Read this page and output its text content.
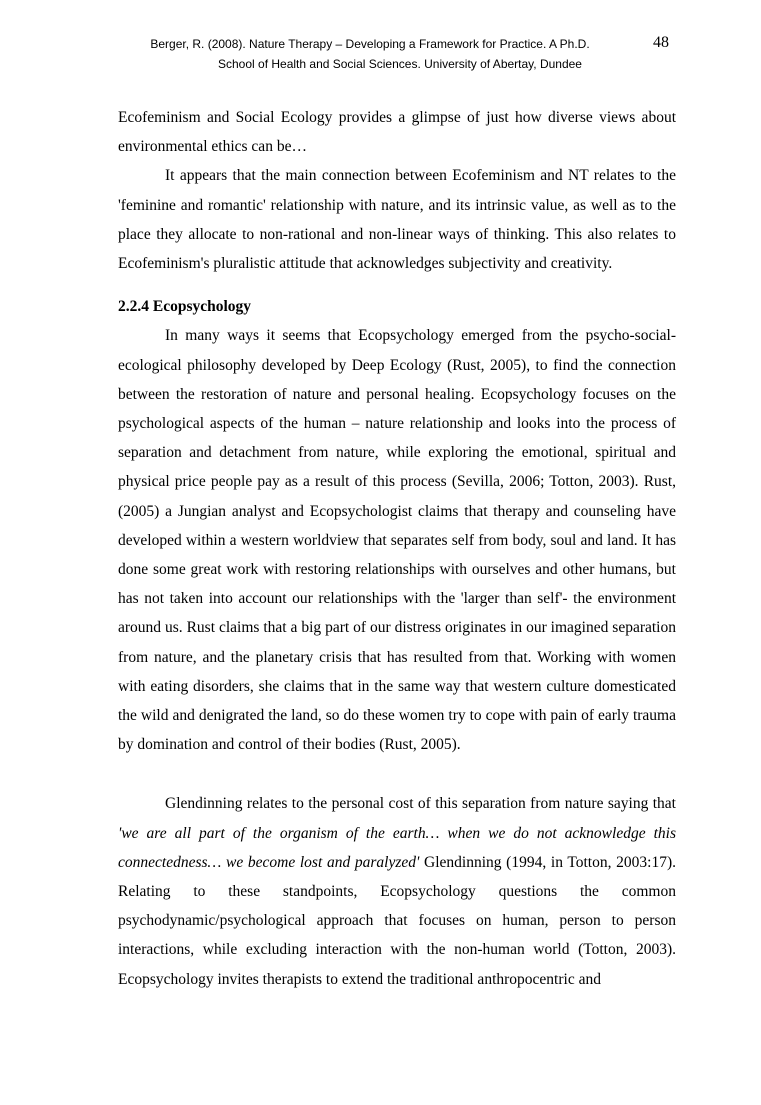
Berger, R. (2008). Nature Therapy – Developing a Framework for Practice. A Ph.D.
School of Health and Social Sciences. University of Abertay, Dundee
48

Ecofeminism and Social Ecology provides a glimpse of just how diverse views about environmental ethics can be…

It appears that the main connection between Ecofeminism and NT relates to the 'feminine and romantic' relationship with nature, and its intrinsic value, as well as to the place they allocate to non-rational and non-linear ways of thinking. This also relates to Ecofeminism's pluralistic attitude that acknowledges subjectivity and creativity.

2.2.4 Ecopsychology

In many ways it seems that Ecopsychology emerged from the psycho-social-ecological philosophy developed by Deep Ecology (Rust, 2005), to find the connection between the restoration of nature and personal healing. Ecopsychology focuses on the psychological aspects of the human – nature relationship and looks into the process of separation and detachment from nature, while exploring the emotional, spiritual and physical price people pay as a result of this process (Sevilla, 2006; Totton, 2003). Rust, (2005) a Jungian analyst and Ecopsychologist claims that therapy and counseling have developed within a western worldview that separates self from body, soul and land. It has done some great work with restoring relationships with ourselves and other humans, but has not taken into account our relationships with the 'larger than self'- the environment around us. Rust claims that a big part of our distress originates in our imagined separation from nature, and the planetary crisis that has resulted from that. Working with women with eating disorders, she claims that in the same way that western culture domesticated the wild and denigrated the land, so do these women try to cope with pain of early trauma by domination and control of their bodies (Rust, 2005).

Glendinning relates to the personal cost of this separation from nature saying that 'we are all part of the organism of the earth… when we do not acknowledge this connectedness… we become lost and paralyzed' Glendinning (1994, in Totton, 2003:17). Relating to these standpoints, Ecopsychology questions the common psychodynamic/psychological approach that focuses on human, person to person interactions, while excluding interaction with the non-human world (Totton, 2003). Ecopsychology invites therapists to extend the traditional anthropocentric and
